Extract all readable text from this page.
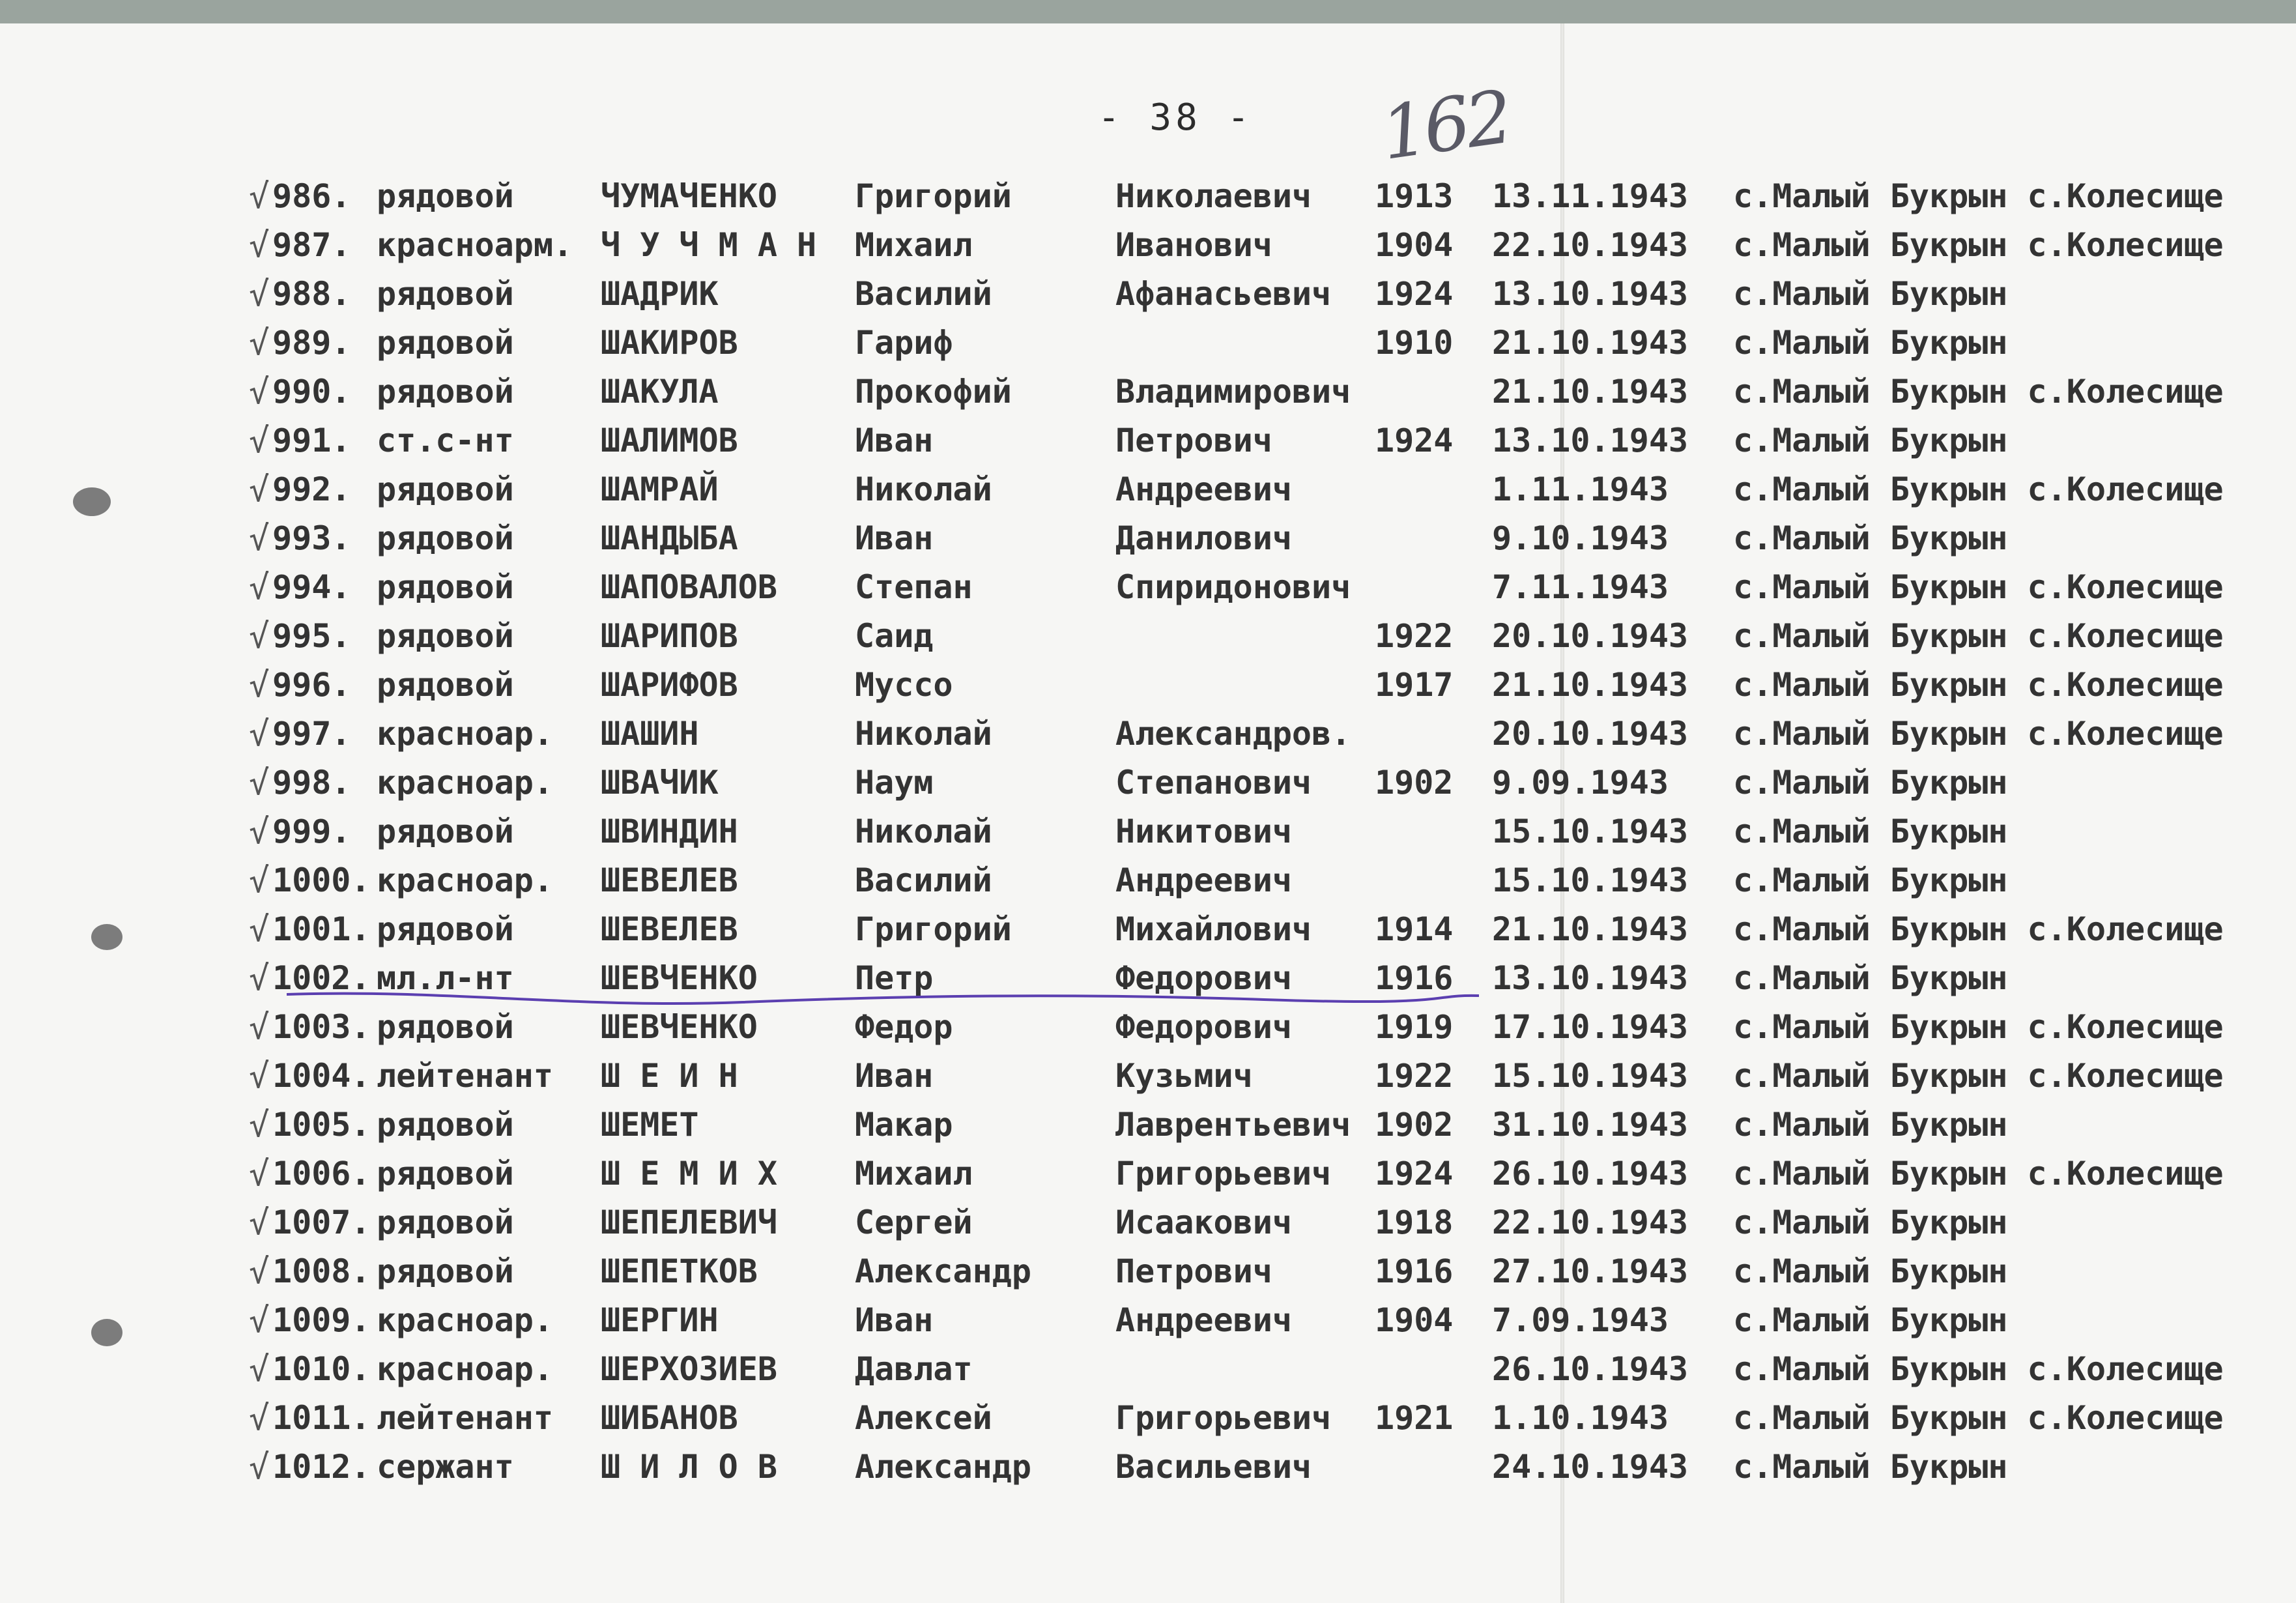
- 38 - 162
√ 986. рядовой	ЧУМАЧЕНКО Григорий	Николаевич 1913 13.11.1943 с.Малый Букрын с.Колесище
√ 987. красноарм. Ч У Ч М А Н Михаил	Иванович	1904 22.10.1943 с.Малый Букрын с.Колесище
√ 988. рядовой	ШАДРИК	Василий	Афанасьевич 1924 13.10.1943 с.Малый Букрын
√ 989. рядовой	ШАКИРОВ	Гариф	1910 21.10.1943 с.Малый Букрын
√ 990. рядовой	ШАКУЛА	Прокофий	Владимирович	21.10.1943 с.Малый Букрын с.Колесище
√ 991. ст.с-нт	ШАЛИМОВ	Иван	Петрович	1924 13.10.1943 с.Малый Букрын
√ 992. рядовой	ШАМРАЙ	Николай	Андреевич	1.11.1943 с.Малый Букрын с.Колесище
√ 993. рядовой	ШАНДЫБА	Иван	Данилович	9.10.1943 с.Малый Букрын
√ 994. рядовой	ШАПОВАЛОВ Степан	Спиридонович	7.11.1943 с.Малый Букрын с.Колесище
√ 995. рядовой	ШАРИПОВ	Саид	1922 20.10.1943 с.Малый Букрын с.Колесище
√ 996. рядовой	ШАРИФОВ	Муссо	1917 21.10.1943 с.Малый Букрын с.Колесище
√ 997. красноар. ШАШИН	Николай	Александров.	20.10.1943 с.Малый Букрын с.Колесище
√ 998. красноар. ШВАЧИК	Наум	Степанович 1902 9.09.1943 с.Малый Букрын
√ 999. рядовой	ШВИНДИН	Николай	Никитович	15.10.1943 с.Малый Букрын
√ 1000. красноар. ШЕВЕЛЕВ	Василий	Андреевич	15.10.1943 с.Малый Букрын
√ 1001. рядовой	ШЕВЕЛЕВ	Григорий	Михайлович 1914 21.10.1943 с.Малый Букрын с.Колесище
√ 1002. мл.л-нт	ШЕВЧЕНКО	Петр	Федорович	1916 13.10.1943 с.Малый Букрын
√ 1003. рядовой	ШЕВЧЕНКО	Федор	Федорович	1919 17.10.1943 с.Малый Букрын с.Колесище
√ 1004. лейтенант Ш Е И Н	Иван	Кузьмич	1922 15.10.1943 с.Малый Букрын с.Колесище
√ 1005. рядовой	ШЕМЕТ	Макар	Лаврентьевич 1902 31.10.1943 с.Малый Букрын
√ 1006. рядовой	Ш Е М И Х Михаил	Григорьевич 1924 26.10.1943 с.Малый Букрын с.Колесище
√ 1007. рядовой	ШЕПЕЛЕВИЧ Сергей	Исаакович	1918 22.10.1943 с.Малый Букрын
√ 1008. рядовой	ШЕПЕТКОВ	Александр	Петрович	1916 27.10.1943 с.Малый Букрын
√ 1009. красноар. ШЕРГИН	Иван	Андреевич	1904 7.09.1943 с.Малый Букрын
√ 1010. красноар. ШЕРХОЗИЕВ Давлат	26.10.1943 с.Малый Букрын с.Колесище
√ 1011. лейтенант ШИБАНОВ	Алексей	Григорьевич 1921 1.10.1943 с.Малый Букрын с.Колесище
√ 1012. сержант	Ш И Л О В Александр	Васильевич	24.10.1943 с.Малый Букрын
